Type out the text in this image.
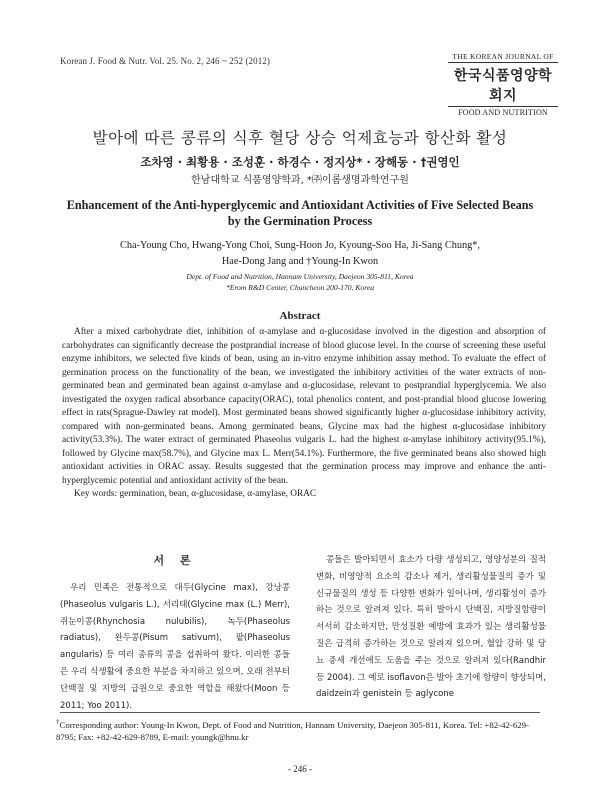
Korean J. Food & Nutr. Vol. 25. No. 2, 246 ~ 252 (2012)	THE KOREAN JOURNAL OF
한국식품영양학회지
FOOD AND NUTRITION
발아에 따른 콩류의 식후 혈당 상승 억제효능과 항산화 활성
조차영 · 최황용 · 조성훈 · 하경수 · 정지상* · 장해동 · †권영인
한남대학교 식품영양학과, *㈜이롬생명과학연구원
Enhancement of the Anti-hyperglycemic and Antioxidant Activities of Five Selected Beans
by the Germination Process
Cha-Young Cho, Hwang-Yong Choi, Sung-Hoon Jo, Kyoung-Soo Ha, Ji-Sang Chung*,
Hae-Dong Jang and †Young-In Kwon
Dept. of Food and Nutrition, Hannam University, Daejeon 305-811, Korea
*Erom R&D Center, Chuncheon 200-170, Korea
Abstract

After a mixed carbohydrate diet, inhibition of α-amylase and α-glucosidase involved in the digestion and absorption of carbohydrates can significantly decrease the postprandial increase of blood glucose level. In the course of screening these useful enzyme inhibitors, we selected five kinds of bean, using an in-vitro enzyme inhibition assay method. To evaluate the effect of germination process on the functionality of the bean, we investigated the inhibitory activities of the water extracts of non-germinated bean and germinated bean against α-amylase and α-glucosidase, relevant to postprandial hyperglycemia. We also investigated the oxygen radical absorbance capacity(ORAC), total phenolics content, and post-prandial blood glucose lowering effect in rats(Sprague-Dawley rat model). Most germinated beans showed significantly higher α-glucosidase inhibitory activity, compared with non-germinated beans. Among germinated beans, Glycine max had the highest α-glucosidase inhibitory activity(53.3%). The water extract of germinated Phaseolus vulgaris L. had the highest α-amylase inhibitory activity(95.1%), followed by Glycine max(58.7%), and Glycine max L. Merr(54.1%). Furthermore, the five germinated beans also showed high antioxidant activities in ORAC assay. Results suggested that the germination process may improve and enhance the anti-hyperglycemic potential and antioxidant activity of the bean.

Key words: germination, bean, α-glucosidase, α-amylase, ORAC

서 론

우리 민족은 전통적으로 대두(Glycine max), 강낭콩(Phaseolus vulgaris L.), 서리태(Glycine max (L.) Merr), 쥐눈이콩(Rhynchosia nulubilis), 녹두(Phaseolus radiatus), 완두콩(Pisum sativum), 팥(Phaseolus angularis) 등 여러 종류의 콩을 섭취하여 왔다. 이러한 콩들은 우리 식생활에 중요한 부분을 차지하고 있으며, 오래 전부터 단백질 및 지방의 급원으로 중요한 역할을 해왔다(Moon 등 2011; Yoo 2011).

콩들은 발아되면서 효소가 다량 생성되고, 영양성분의 질적 변화, 비영양적 요소의 감소나 제거, 생리활성물질의 증가 및 신규물질의 생성 등 다양한 변화가 일어나며, 생리활성이 증가하는 것으로 알려져 있다. 특히 발아시 단백질, 지방질함량이 서서히 감소하지만, 만성질환 예방에 효과가 있는 생리활성물질은 급격히 증가하는 것으로 알려져 있으며, 혈압 강하 및 당뇨 증세 개선에도 도움을 주는 것으로 알려져 있다(Randhir 등 2004). 그 예로 isoflavon은 발아 초기에 함량이 향상되며, daidzein과 genistein 등 aglycone

†Corresponding author: Young-In Kwon, Dept. of Food and Nutrition, Hannam University, Daejeon 305-811, Korea. Tel: +82-42-629-8795; Fax: +82-42-629-8789, E-mail: youngk@hnu.kr
- 246 -
